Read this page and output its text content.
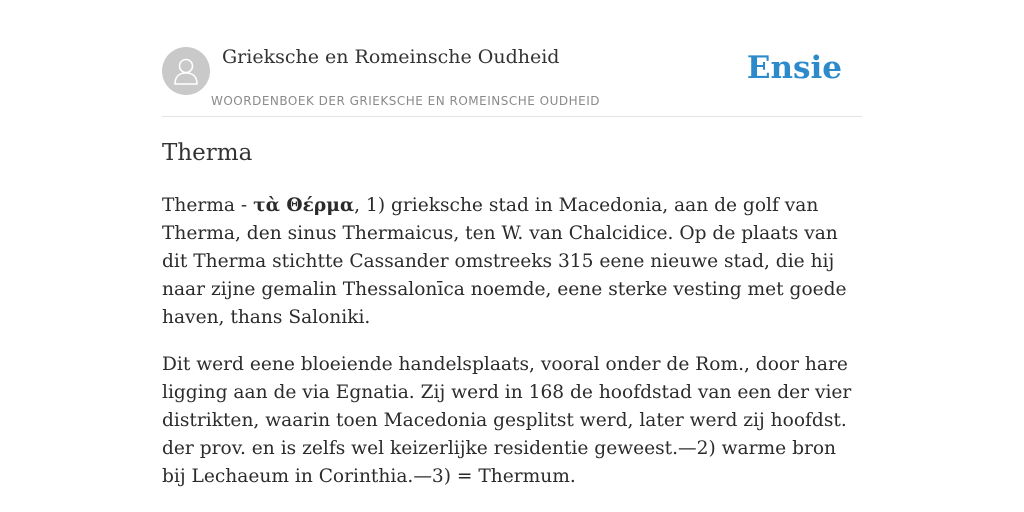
Grieksche en Romeinsche Oudheid
WOORDENBOEK DER GRIEKSCHE EN ROMEINSCHE OUDHEID
Ensie
Therma

Therma - τὰ Θέρμα, 1) grieksche stad in Macedonia, aan de golf van Therma, den sinus Thermaicus, ten W. van Chalcidice. Op de plaats van dit Therma stichtte Cassander omstreeks 315 eene nieuwe stad, die hij naar zijne gemalin Thessalonīca noemde, eene sterke vesting met goede haven, thans Saloniki.

Dit werd eene bloeiende handelsplaats, vooral onder de Rom., door hare ligging aan de via Egnatia. Zij werd in 168 de hoofdstad van een der vier distrikten, waarin toen Macedonia gesplitst werd, later werd zij hoofdst. der prov. en is zelfs wel keizerlijke residentie geweest.—2) warme bron bij Lechaeum in Corinthia.—3) = Thermum.
